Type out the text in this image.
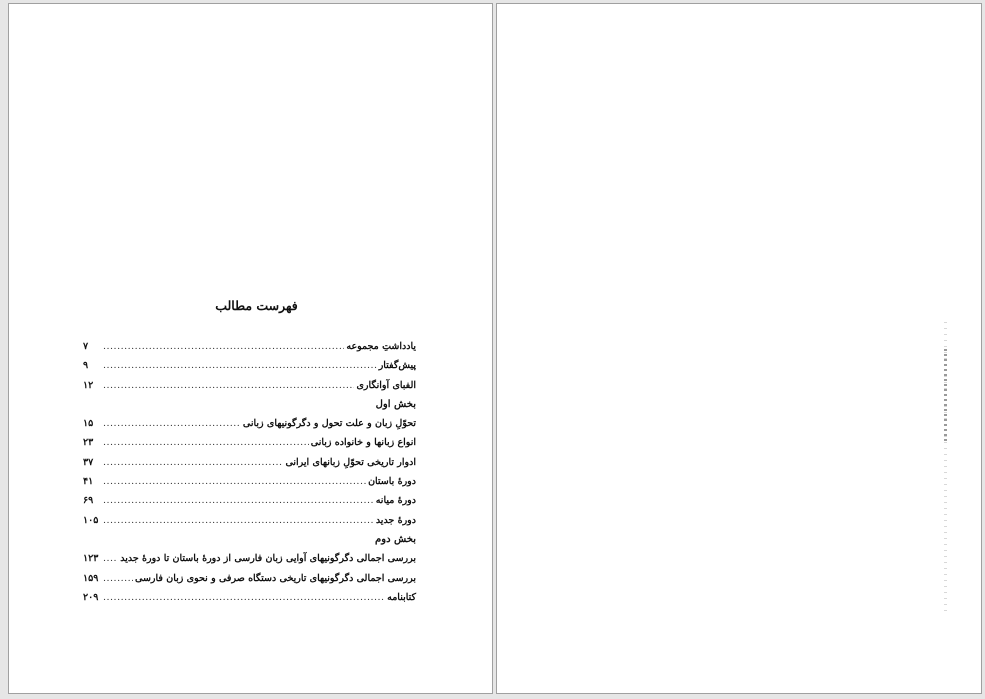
فهرست مطالب
یادداشتِ مجموعه
.....
۷
پیش‌گفتار
.....
۹
الفبای آوانگاری
.....
۱۲
بخش اول
تحوّلِ زبان و علت تحول و دگرگونیهای زبانی
.....
۱۵
انواع زبانها و خانواده زبانی
.....
۲۳
ادوار تاریخی تحوّلِ زبانهای ایرانی
.....
۳۷
دورهٔ باستان
.....
۴۱
دورهٔ میانه
.....
۶۹
دورهٔ جدید
.....
۱۰۵
بخش دوم
بررسی اجمالی دگرگونیهای آوایی زبان فارسی از دورهٔ باستان تا دورهٔ جدید
.....
۱۲۳
بررسی اجمالی دگرگونیهای تاریخی دستگاه صرفی و نحوی زبان فارسی
.....
۱۵۹
کتابنامه
.....
۲۰۹
